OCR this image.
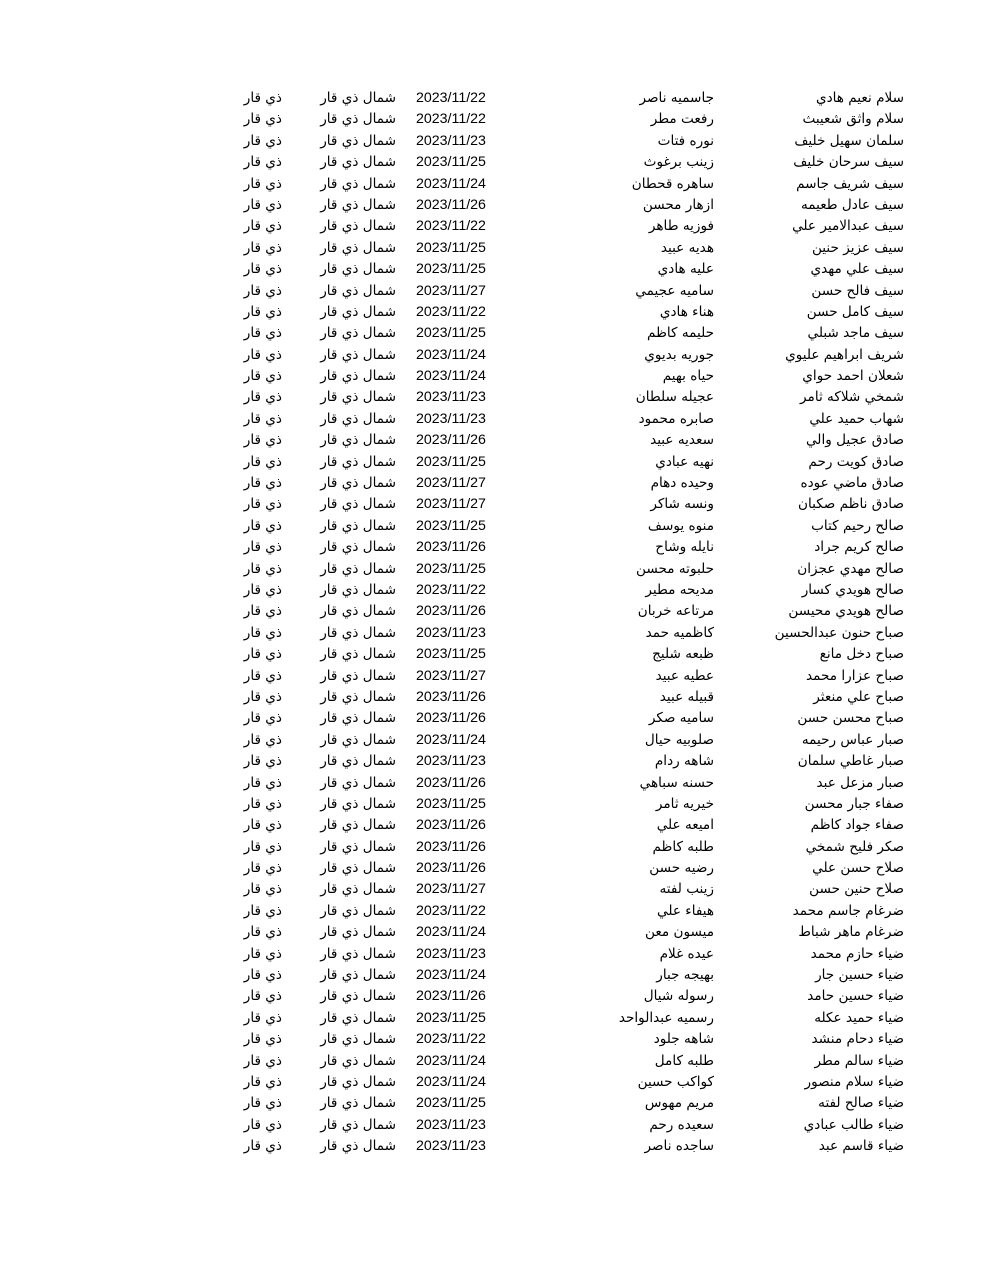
سلام نعيم هادي
جاسميه ناصر
2023/11/22
شمال ذي قار
ذي قار
سلام واثق شعيبث
رفعت مطر
2023/11/22
شمال ذي قار
ذي قار
سلمان سهيل خليف
نوره فتات
2023/11/23
شمال ذي قار
ذي قار
سيف سرحان خليف
زينب برغوث
2023/11/25
شمال ذي قار
ذي قار
سيف شريف جاسم
ساهره قحطان
2023/11/24
شمال ذي قار
ذي قار
سيف عادل طعيمه
ازهار محسن
2023/11/26
شمال ذي قار
ذي قار
سيف عبدالامير علي
فوزيه طاهر
2023/11/22
شمال ذي قار
ذي قار
سيف عزيز حنين
هديه عبيد
2023/11/25
شمال ذي قار
ذي قار
سيف علي مهدي
عليه هادي
2023/11/25
شمال ذي قار
ذي قار
سيف فالح حسن
ساميه عجيمي
2023/11/27
شمال ذي قار
ذي قار
سيف كامل حسن
هناء هادي
2023/11/22
شمال ذي قار
ذي قار
سيف ماجد شبلي
حليمه كاظم
2023/11/25
شمال ذي قار
ذي قار
شريف ابراهيم عليوي
جوريه بديوي
2023/11/24
شمال ذي قار
ذي قار
شعلان احمد حواي
حياه بهيم
2023/11/24
شمال ذي قار
ذي قار
شمخي شلاكه ثامر
عجيله سلطان
2023/11/23
شمال ذي قار
ذي قار
شهاب حميد علي
صابره محمود
2023/11/23
شمال ذي قار
ذي قار
صادق عجيل والي
سعديه عبيد
2023/11/26
شمال ذي قار
ذي قار
صادق كويت رحم
نهيه عبادي
2023/11/25
شمال ذي قار
ذي قار
صادق ماضي عوده
وحيده دهام
2023/11/27
شمال ذي قار
ذي قار
صادق ناظم صكبان
ونسه شاكر
2023/11/27
شمال ذي قار
ذي قار
صالح رحيم كتاب
منوه يوسف
2023/11/25
شمال ذي قار
ذي قار
صالح كريم جراد
نايله وشاح
2023/11/26
شمال ذي قار
ذي قار
صالح مهدي عجزان
حلبوته محسن
2023/11/25
شمال ذي قار
ذي قار
صالح هويدي كسار
مديحه مطير
2023/11/22
شمال ذي قار
ذي قار
صالح هويدي محيسن
مرتاعه خربان
2023/11/26
شمال ذي قار
ذي قار
صباح حنون عبدالحسين
كاظميه حمد
2023/11/23
شمال ذي قار
ذي قار
صباح دخل مانع
ظبعه شليج
2023/11/25
شمال ذي قار
ذي قار
صباح عزارا محمد
عطيه عبيد
2023/11/27
شمال ذي قار
ذي قار
صباح علي منعثر
قبيله عبيد
2023/11/26
شمال ذي قار
ذي قار
صباح محسن حسن
ساميه صكر
2023/11/26
شمال ذي قار
ذي قار
صبار عباس رحيمه
صلوبيه حيال
2023/11/24
شمال ذي قار
ذي قار
صبار غاطي سلمان
شاهه ردام
2023/11/23
شمال ذي قار
ذي قار
صبار مزعل عبد
حسنه سباهي
2023/11/26
شمال ذي قار
ذي قار
صفاء جبار محسن
خيريه ثامر
2023/11/25
شمال ذي قار
ذي قار
صفاء جواد كاظم
اميعه علي
2023/11/26
شمال ذي قار
ذي قار
صكر فليح شمخي
طلبه كاظم
2023/11/26
شمال ذي قار
ذي قار
صلاح حسن علي
رضيه حسن
2023/11/26
شمال ذي قار
ذي قار
صلاح حنين حسن
زينب لفته
2023/11/27
شمال ذي قار
ذي قار
ضرغام جاسم محمد
هيفاء علي
2023/11/22
شمال ذي قار
ذي قار
ضرغام ماهر شباط
ميسون معن
2023/11/24
شمال ذي قار
ذي قار
ضياء حازم محمد
عيده غلام
2023/11/23
شمال ذي قار
ذي قار
ضياء حسين جار
بهيجه جبار
2023/11/24
شمال ذي قار
ذي قار
ضياء حسين حامد
رسوله شيال
2023/11/26
شمال ذي قار
ذي قار
ضياء حميد عكله
رسميه عبدالواحد
2023/11/25
شمال ذي قار
ذي قار
ضياء دحام منشد
شاهه جلود
2023/11/22
شمال ذي قار
ذي قار
ضياء سالم مطر
طلبه كامل
2023/11/24
شمال ذي قار
ذي قار
ضياء سلام منصور
كواكب حسين
2023/11/24
شمال ذي قار
ذي قار
ضياء صالح لفته
مريم مهوس
2023/11/25
شمال ذي قار
ذي قار
ضياء طالب عبادي
سعيده رحم
2023/11/23
شمال ذي قار
ذي قار
ضياء قاسم عبد
ساجده ناصر
2023/11/23
شمال ذي قار
ذي قار
